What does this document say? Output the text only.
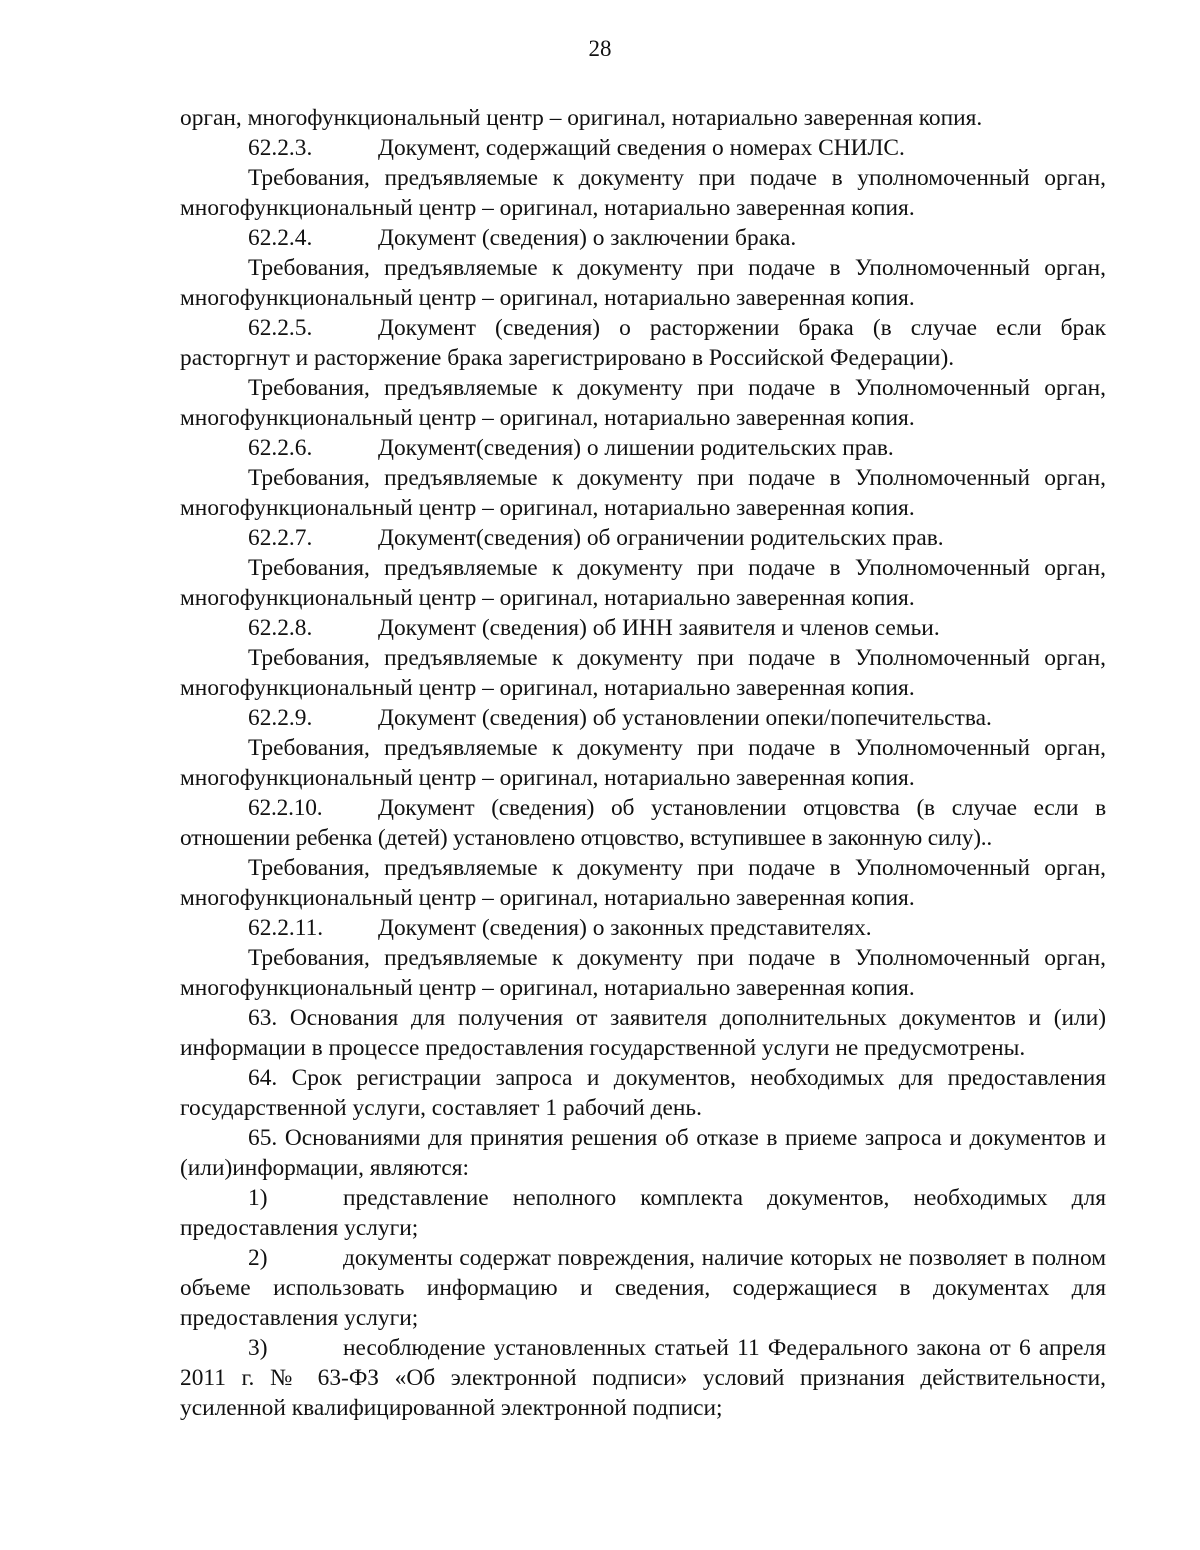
28

орган, многофункциональный центр – оригинал, нотариально заверенная копия.

62.2.3.	Документ, содержащий сведения о номерах СНИЛС.

Требования, предъявляемые к документу при подаче в уполномоченный орган, многофункциональный центр – оригинал, нотариально заверенная копия.

62.2.4.	Документ (сведения) о заключении брака.

Требования, предъявляемые к документу при подаче в Уполномоченный орган, многофункциональный центр – оригинал, нотариально заверенная копия.

62.2.5.	Документ (сведения) о расторжении брака (в случае если брак расторгнут и расторжение брака зарегистрировано в Российской Федерации).

Требования, предъявляемые к документу при подаче в Уполномоченный орган, многофункциональный центр – оригинал, нотариально заверенная копия.

62.2.6.	Документ(сведения) о лишении родительских прав.

Требования, предъявляемые к документу при подаче в Уполномоченный орган, многофункциональный центр – оригинал, нотариально заверенная копия.

62.2.7.	Документ(сведения) об ограничении родительских прав.

Требования, предъявляемые к документу при подаче в Уполномоченный орган, многофункциональный центр – оригинал, нотариально заверенная копия.

62.2.8.	Документ (сведения) об ИНН заявителя и членов семьи.

Требования, предъявляемые к документу при подаче в Уполномоченный орган, многофункциональный центр – оригинал, нотариально заверенная копия.

62.2.9.	Документ (сведения) об установлении опеки/попечительства.

Требования, предъявляемые к документу при подаче в Уполномоченный орган, многофункциональный центр – оригинал, нотариально заверенная копия.

62.2.10. Документ (сведения) об установлении отцовства (в случае если в отношении ребенка (детей) установлено отцовство, вступившее в законную силу)..

Требования, предъявляемые к документу при подаче в Уполномоченный орган, многофункциональный центр – оригинал, нотариально заверенная копия.

62.2.11. Документ (сведения) о законных представителях.

Требования, предъявляемые к документу при подаче в Уполномоченный орган, многофункциональный центр – оригинал, нотариально заверенная копия.

63. Основания для получения от заявителя дополнительных документов и (или) информации в процессе предоставления государственной услуги не предусмотрены.

64. Срок регистрации запроса и документов, необходимых для предоставления государственной услуги, составляет 1 рабочий день.

65. Основаниями для принятия решения об отказе в приеме запроса и документов и (или)информации, являются:

1)	представление неполного комплекта документов, необходимых для предоставления услуги;

2)	документы содержат повреждения, наличие которых не позволяет в полном объеме использовать информацию и сведения, содержащиеся в документах для предоставления услуги;

3)	несоблюдение установленных статьей 11 Федерального закона от 6 апреля 2011 г. № 63-ФЗ «Об электронной подписи» условий признания действительности, усиленной квалифицированной электронной подписи;
